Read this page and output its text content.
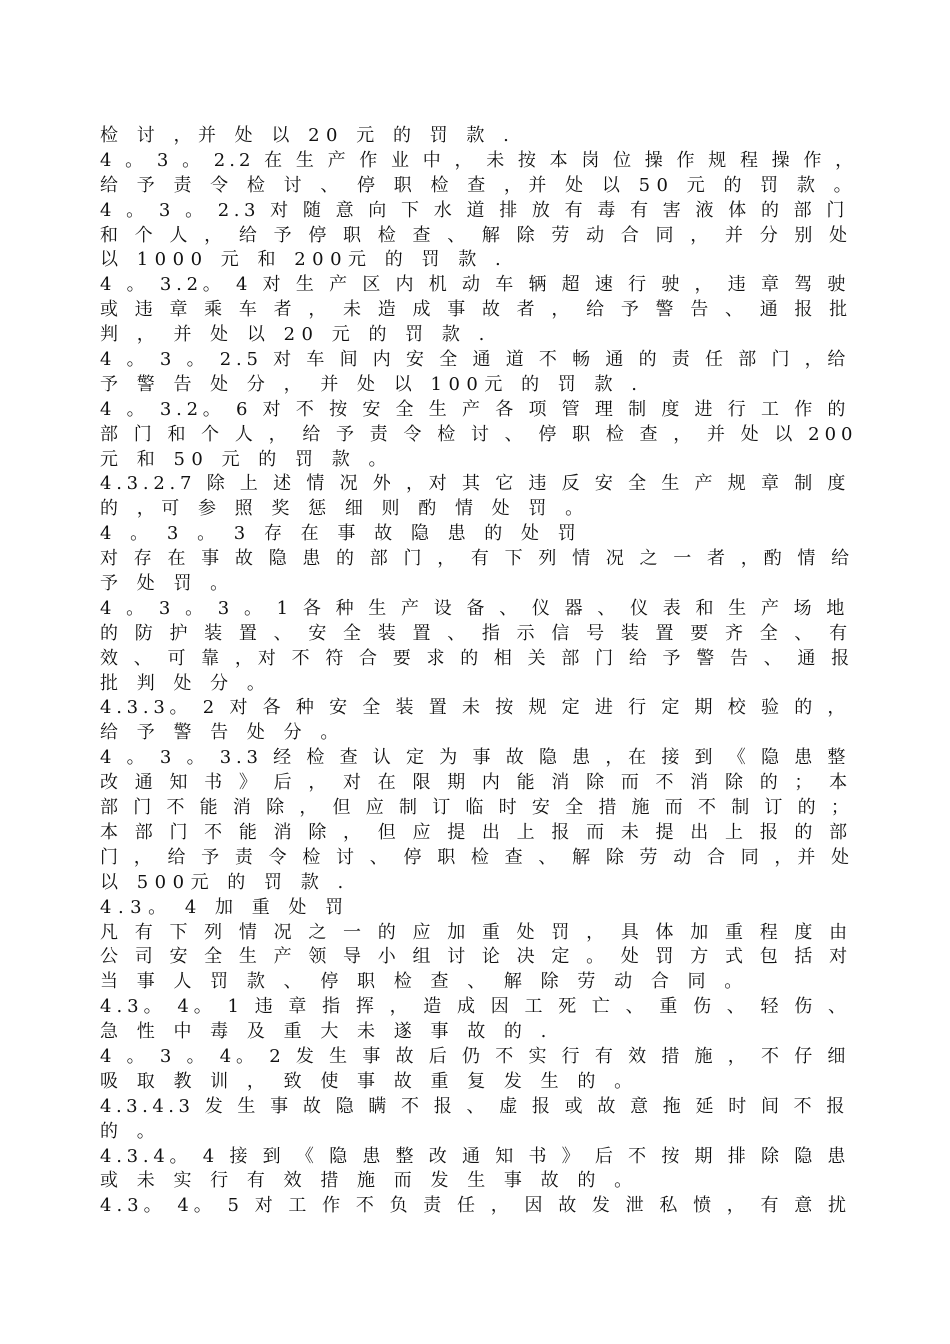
检 讨 ，并 处 以 20 元 的 罚 款 .
4 。 3 。 2.2 在 生 产 作 业 中 ， 未 按 本 岗 位 操 作 规 程 操 作 ，
给 予 责 令 检 讨 、 停 职 检 查 ，并 处 以 50 元 的 罚 款 。
4 。 3 。 2.3 对 随 意 向 下 水 道 排 放 有 毒 有 害 液 体 的 部 门
和 个 人 ， 给 予 停 职 检 查 、 解 除 劳 动 合 同 ， 并 分 别 处
以 1000 元 和 200元 的 罚 款 .
4 。 3.2。 4 对 生 产 区 内 机 动 车 辆 超 速 行 驶 ， 违 章 驾 驶
或 违 章 乘 车 者 ， 未 造 成 事 故 者 ， 给 予 警 告 、 通 报 批
判 ， 并 处 以 20 元 的 罚 款 .
4 。 3 。 2.5 对 车 间 内 安 全 通 道 不 畅 通 的 责 任 部 门 ，给
予 警 告 处 分 ， 并 处 以 100元 的 罚 款 .
4 。 3.2。 6 对 不 按 安 全 生 产 各 项 管 理 制 度 进 行 工 作 的
部 门 和 个 人 ， 给 予 责 令 检 讨 、 停 职 检 查 ， 并 处 以 200
元 和 50 元 的 罚 款 。
4.3.2.7 除 上 述 情 况 外 ，对 其 它 违 反 安 全 生 产 规 章 制 度
的 ，可 参 照 奖 惩 细 则 酌 情 处 罚 。
4 。 3 。 3 存 在 事 故 隐 患 的 处 罚
对 存 在 事 故 隐 患 的 部 门 ， 有 下 列 情 况 之 一 者 ，酌 情 给
予 处 罚 。
4 。 3 。 3 。 1 各 种 生 产 设 备 、 仪 器 、 仪 表 和 生 产 场 地
的 防 护 装 置 、 安 全 装 置 、 指 示 信 号 装 置 要 齐 全 、 有
效 、 可 靠 ，对 不 符 合 要 求 的 相 关 部 门 给 予 警 告 、 通 报
批 判 处 分 。
4.3.3。 2 对 各 种 安 全 装 置 未 按 规 定 进 行 定 期 校 验 的 ，
给 予 警 告 处 分 。
4 。 3 。 3.3 经 检 查 认 定 为 事 故 隐 患 ，在 接 到 《 隐 患 整
改 通 知 书 》 后 ， 对 在 限 期 内 能 消 除 而 不 消 除 的 ； 本
部 门 不 能 消 除 ， 但 应 制 订 临 时 安 全 措 施 而 不 制 订 的 ；
本 部 门 不 能 消 除 ， 但 应 提 出 上 报 而 未 提 出 上 报 的 部
门 ， 给 予 责 令 检 讨 、 停 职 检 查 、 解 除 劳 动 合 同 ，并 处
以 500元 的 罚 款 .
4.3。 4 加 重 处 罚
凡 有 下 列 情 况 之 一 的 应 加 重 处 罚 ， 具 体 加 重 程 度 由
公 司 安 全 生 产 领 导 小 组 讨 论 决 定 。 处 罚 方 式 包 括 对
当 事 人 罚 款 、 停 职 检 查 、 解 除 劳 动 合 同 。
4.3。 4。 1 违 章 指 挥 ， 造 成 因 工 死 亡 、 重 伤 、 轻 伤 、
急 性 中 毒 及 重 大 未 遂 事 故 的 .
4 。 3 。 4。 2 发 生 事 故 后 仍 不 实 行 有 效 措 施 ， 不 仔 细
吸 取 教 训 ， 致 使 事 故 重 复 发 生 的 。
4.3.4.3 发 生 事 故 隐 瞒 不 报 、 虚 报 或 故 意 拖 延 时 间 不 报
的 。
4.3.4。 4 接 到 《 隐 患 整 改 通 知 书 》 后 不 按 期 排 除 隐 患
或 未 实 行 有 效 措 施 而 发 生 事 故 的 。
4.3。 4。 5 对 工 作 不 负 责 任 ， 因 故 发 泄 私 愤 ， 有 意 扰
